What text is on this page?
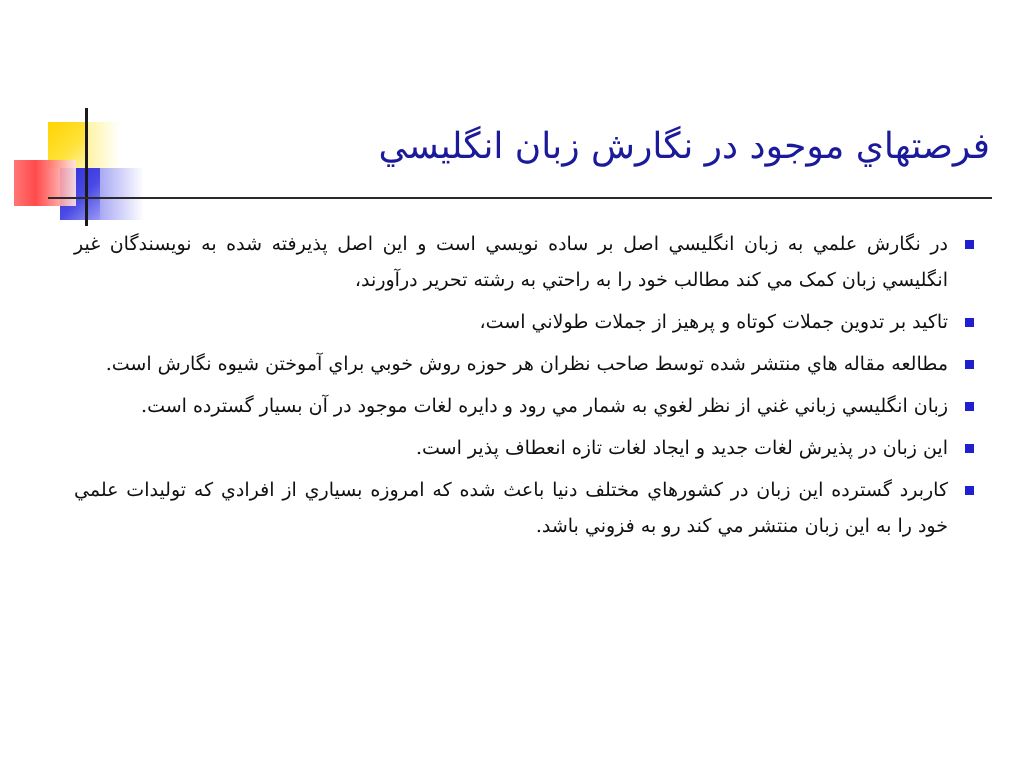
فرصتهاي موجود در نگارش زبان انگليسي
در نگارش علمي به زبان انگليسي اصل بر ساده نويسي است و اين اصل پذيرفته شده به نويسندگان غير انگليسي زبان كمک مي كند مطالب خود را به راحتي به رشته تحرير درآورند،
تاكيد بر تدوين جملات كوتاه و پرهيز از جملات طولاني است،
مطالعه مقاله هاي منتشر شده توسط صاحب نظران هر حوزه روش خوبي براي آموختن شيوه نگارش است.
زبان انگليسي زباني غني از نظر لغوي به شمار مي رود و دايره لغات موجود در آن بسيار گسترده است.
اين زبان در پذيرش لغات جديد و ايجاد لغات تازه انعطاف پذير است.
كاربرد گسترده اين زبان در كشورهاي مختلف دنيا باعث شده كه امروزه بسياري از افرادي كه توليدات علمي خود را به اين زبان منتشر مي كند رو به فزوني باشد.
